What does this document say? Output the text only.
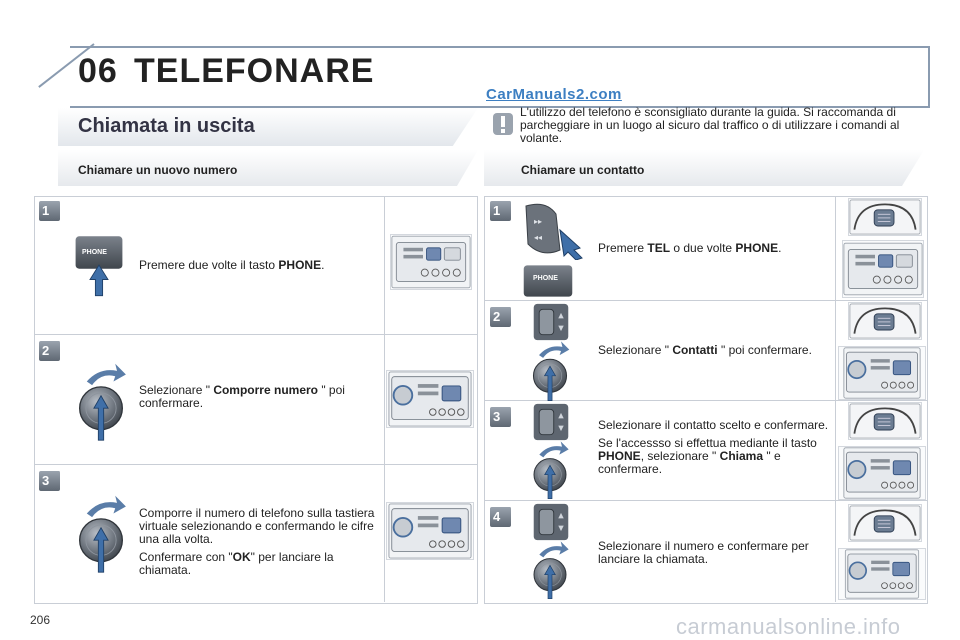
06 TELEFONARE
CarManuals2.com
Chiamata in uscita
L'utilizzo del telefono è sconsigliato durante la guida. Si raccomanda di parcheggiare in un luogo al sicuro dal traffico o di utilizzare i comandi al volante.
Chiamare un nuovo numero	Chiamare un contatto
1
PHONE
Premere due volte il tasto PHONE.
2
Selezionare " Comporre numero " poi confermare.
3

Comporre il numero di telefono sulla tastiera virtuale selezionando e confermando le cifre una alla volta.

Confermare con "OK" per lanciare la chiamata.

1
PHONE
Premere TEL o due volte PHONE.
2
Selezionare " Contatti " poi confermare.
3

Selezionare il contatto scelto e confermare.

Se l'accessso si effettua mediante il tasto PHONE, selezionare " Chiama " e confermare.

4
Selezionare il numero e confermare per lanciare la chiamata.
206	carmanualsonline.info
